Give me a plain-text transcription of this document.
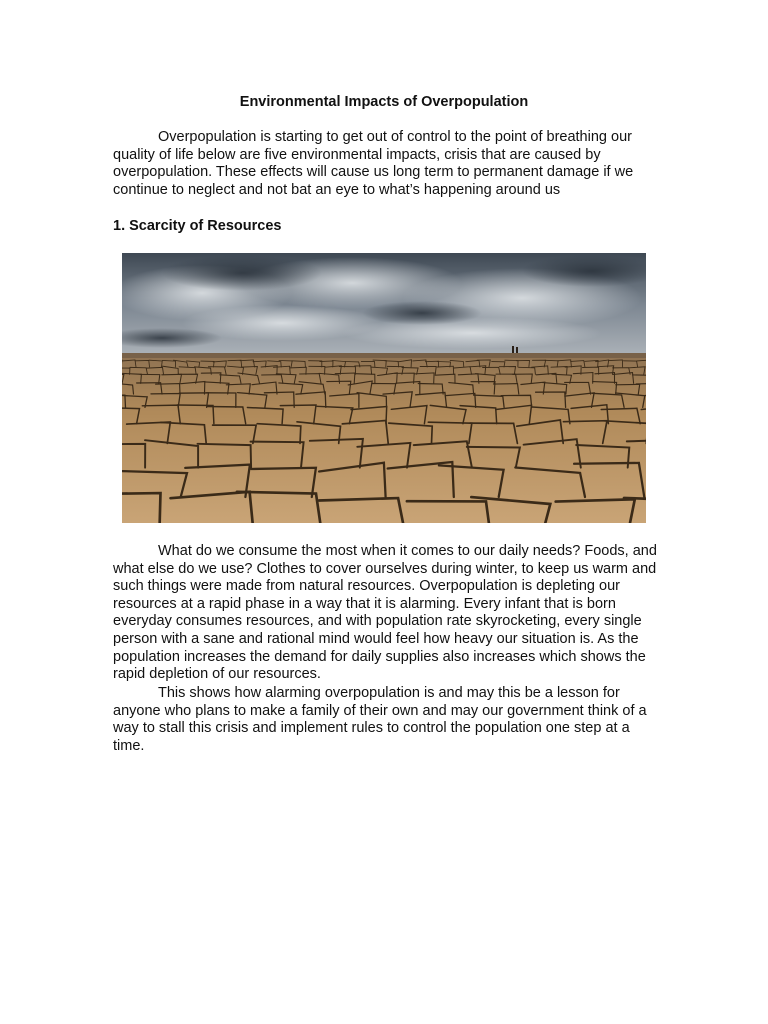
Environmental Impacts of Overpopulation

Overpopulation is starting to get out of control to the point of breathing our quality of life below are five environmental impacts, crisis that are caused by overpopulation. These effects will cause us long term to permanent damage if we continue to neglect and not bat an eye to what’s happening around us

1. Scarcity of Resources

What do we consume the most when it comes to our daily needs? Foods, and what else do we use? Clothes to cover ourselves during winter, to keep us warm and such things were made from natural resources. Overpopulation is depleting our resources at a rapid phase in a way that it is alarming. Every infant that is born everyday consumes resources, and with population rate skyrocketing, every single person with a sane and rational mind would feel how heavy our situation is. As the population increases the demand for daily supplies also increases which shows the rapid depletion of our resources.

This shows how alarming overpopulation is and may this be a lesson for anyone who plans to make a family of their own and may our government think of a way to stall this crisis and implement rules to control the population one step at a time.
